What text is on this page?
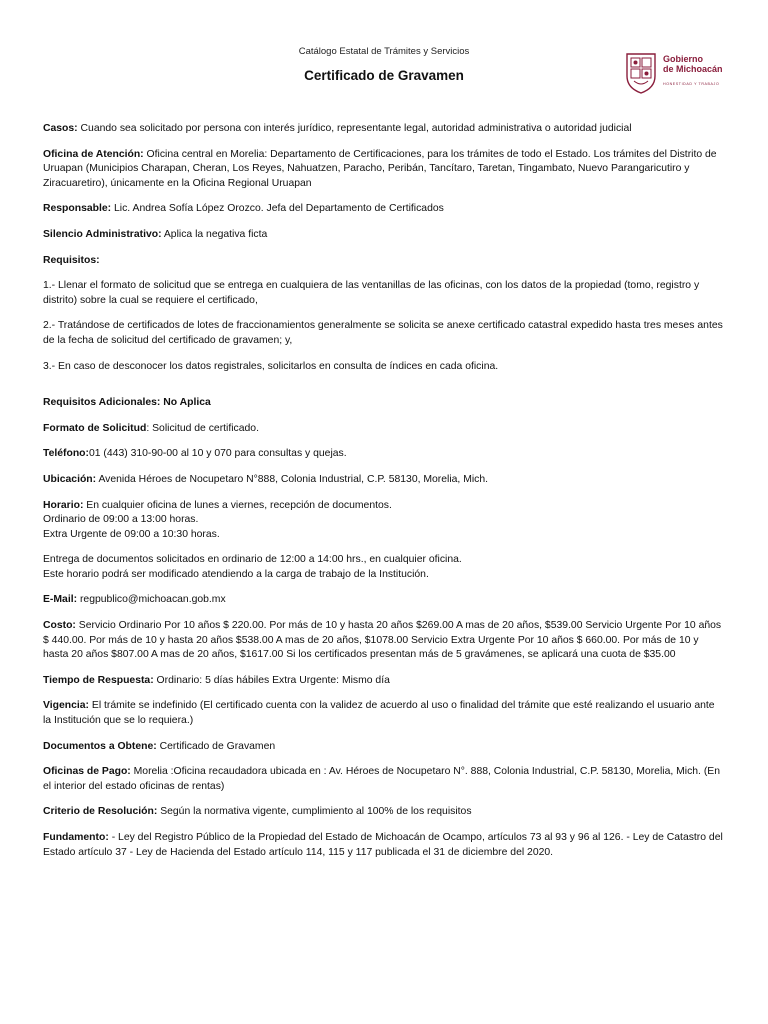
Catálogo Estatal de Trámites y Servicios
Certificado de Gravamen
Gobierno
de Michoacán
HONESTIDAD Y TRABAJO

Casos: Cuando sea solicitado por persona con interés jurídico, representante legal, autoridad administrativa o autoridad judicial

Oficina de Atención: Oficina central en Morelia: Departamento de Certificaciones, para los trámites de todo el Estado. Los trámites del Distrito de Uruapan (Municipios Charapan, Cheran, Los Reyes, Nahuatzen, Paracho, Peribán, Tancítaro, Taretan, Tingambato, Nuevo Parangaricutiro y Ziracuaretiro), únicamente en la Oficina Regional Uruapan

Responsable: Lic. Andrea Sofía López Orozco. Jefa del Departamento de Certificados

Silencio Administrativo: Aplica la negativa ficta

Requisitos:

1.- Llenar el formato de solicitud que se entrega en cualquiera de las ventanillas de las oficinas, con los datos de la propiedad (tomo, registro y distrito) sobre la cual se requiere el certificado,

2.- Tratándose de certificados de lotes de fraccionamientos generalmente se solicita se anexe certificado catastral expedido hasta tres meses antes de la fecha de solicitud del certificado de gravamen; y,

3.- En caso de desconocer los datos registrales, solicitarlos en consulta de índices en cada oficina.

Requisitos Adicionales: No Aplica

Formato de Solicitud: Solicitud de certificado.

Teléfono:01 (443) 310-90-00 al 10 y 070 para consultas y quejas.

Ubicación: Avenida Héroes de Nocupetaro N°888, Colonia Industrial, C.P. 58130, Morelia, Mich.

Horario: En cualquier oficina de lunes a viernes, recepción de documentos.
Ordinario de 09:00 a 13:00 horas.
Extra Urgente de 09:00 a 10:30 horas.

Entrega de documentos solicitados en ordinario de 12:00 a 14:00 hrs., en cualquier oficina.
Este horario podrá ser modificado atendiendo a la carga de trabajo de la Institución.

E-Mail: regpublico@michoacan.gob.mx

Costo: Servicio Ordinario Por 10 años $ 220.00. Por más de 10 y hasta 20 años $269.00 A mas de 20 años, $539.00 Servicio Urgente Por 10 años $ 440.00. Por más de 10 y hasta 20 años $538.00 A mas de 20 años, $1078.00 Servicio Extra Urgente Por 10 años $ 660.00. Por más de 10 y hasta 20 años $807.00 A mas de 20 años, $1617.00 Si los certificados presentan más de 5 gravámenes, se aplicará una cuota de $35.00

Tiempo de Respuesta: Ordinario: 5 días hábiles Extra Urgente: Mismo día

Vigencia: El trámite se indefinido (El certificado cuenta con la validez de acuerdo al uso o finalidad del trámite que esté realizando el usuario ante la Institución que se lo requiera.)

Documentos a Obtene: Certificado de Gravamen

Oficinas de Pago: Morelia :Oficina recaudadora ubicada en : Av. Héroes de Nocupetaro N°. 888, Colonia Industrial, C.P. 58130, Morelia, Mich. (En el interior del estado oficinas de rentas)

Criterio de Resolución: Según la normativa vigente, cumplimiento al 100% de los requisitos

Fundamento: - Ley del Registro Público de la Propiedad del Estado de Michoacán de Ocampo, artículos 73 al 93 y 96 al 126. - Ley de Catastro del Estado artículo 37 - Ley de Hacienda del Estado artículo 114, 115 y 117 publicada el 31 de diciembre del 2020.
